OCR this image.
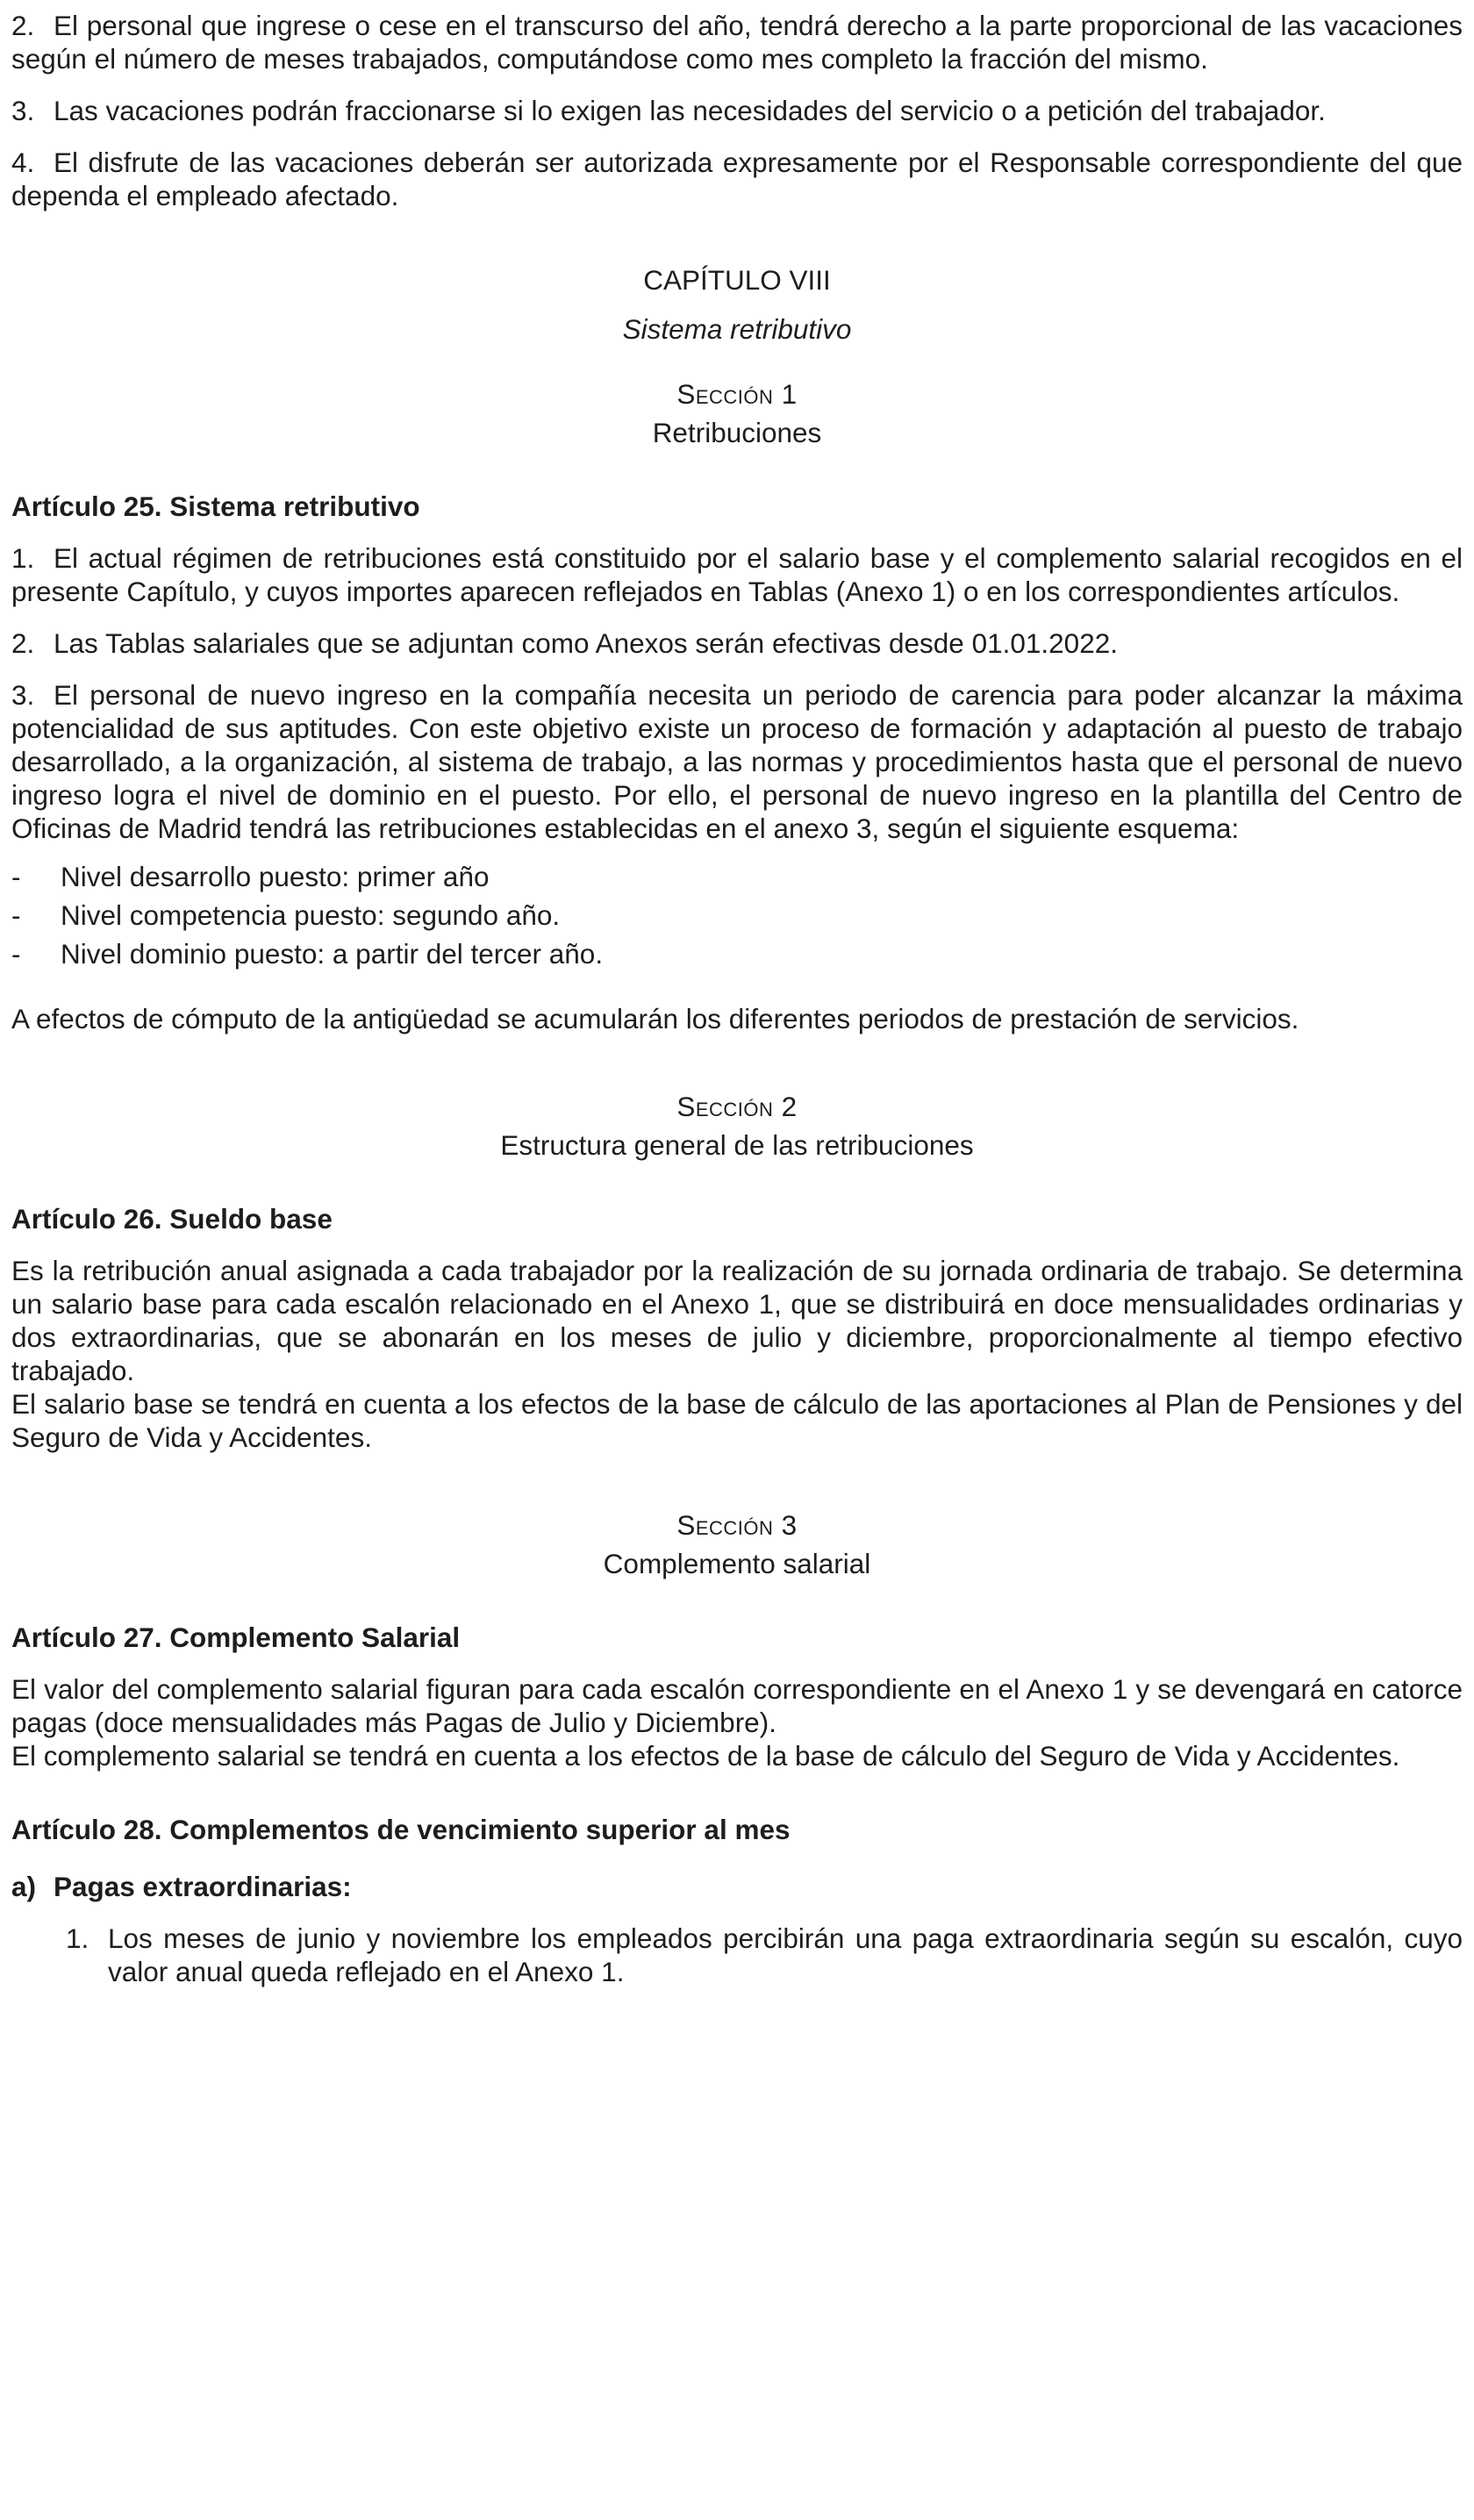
2. El personal que ingrese o cese en el transcurso del año, tendrá derecho a la parte proporcional de las vacaciones según el número de meses trabajados, computándose como mes completo la fracción del mismo.

3. Las vacaciones podrán fraccionarse si lo exigen las necesidades del servicio o a petición del trabajador.

4. El disfrute de las vacaciones deberán ser autorizada expresamente por el Responsable correspondiente del que dependa el empleado afectado.

CAPÍTULO VIII

Sistema retributivo

Sección 1

Retribuciones

Artículo 25. Sistema retributivo

1. El actual régimen de retribuciones está constituido por el salario base y el complemento salarial recogidos en el presente Capítulo, y cuyos importes aparecen reflejados en Tablas (Anexo 1) o en los correspondientes artículos.

2. Las Tablas salariales que se adjuntan como Anexos serán efectivas desde 01.01.2022.

3. El personal de nuevo ingreso en la compañía necesita un periodo de carencia para poder alcanzar la máxima potencialidad de sus aptitudes. Con este objetivo existe un proceso de formación y adaptación al puesto de trabajo desarrollado, a la organización, al sistema de trabajo, a las normas y procedimientos hasta que el personal de nuevo ingreso logra el nivel de dominio en el puesto. Por ello, el personal de nuevo ingreso en la plantilla del Centro de Oficinas de Madrid tendrá las retribuciones establecidas en el anexo 3, según el siguiente esquema:

- Nivel desarrollo puesto: primer año

- Nivel competencia puesto: segundo año.

- Nivel dominio puesto: a partir del tercer año.

A efectos de cómputo de la antigüedad se acumularán los diferentes periodos de prestación de servicios.

Sección 2

Estructura general de las retribuciones

Artículo 26. Sueldo base

Es la retribución anual asignada a cada trabajador por la realización de su jornada ordinaria de trabajo. Se determina un salario base para cada escalón relacionado en el Anexo 1, que se distribuirá en doce mensualidades ordinarias y dos extraordinarias, que se abonarán en los meses de julio y diciembre, proporcionalmente al tiempo efectivo trabajado.

El salario base se tendrá en cuenta a los efectos de la base de cálculo de las aportaciones al Plan de Pensiones y del Seguro de Vida y Accidentes.

Sección 3

Complemento salarial

Artículo 27. Complemento Salarial

El valor del complemento salarial figuran para cada escalón correspondiente en el Anexo 1 y se devengará en catorce pagas (doce mensualidades más Pagas de Julio y Diciembre).

El complemento salarial se tendrá en cuenta a los efectos de la base de cálculo del Seguro de Vida y Accidentes.

Artículo 28. Complementos de vencimiento superior al mes

a) Pagas extraordinarias:

1. Los meses de junio y noviembre los empleados percibirán una paga extraordinaria según su escalón, cuyo valor anual queda reflejado en el Anexo 1.
